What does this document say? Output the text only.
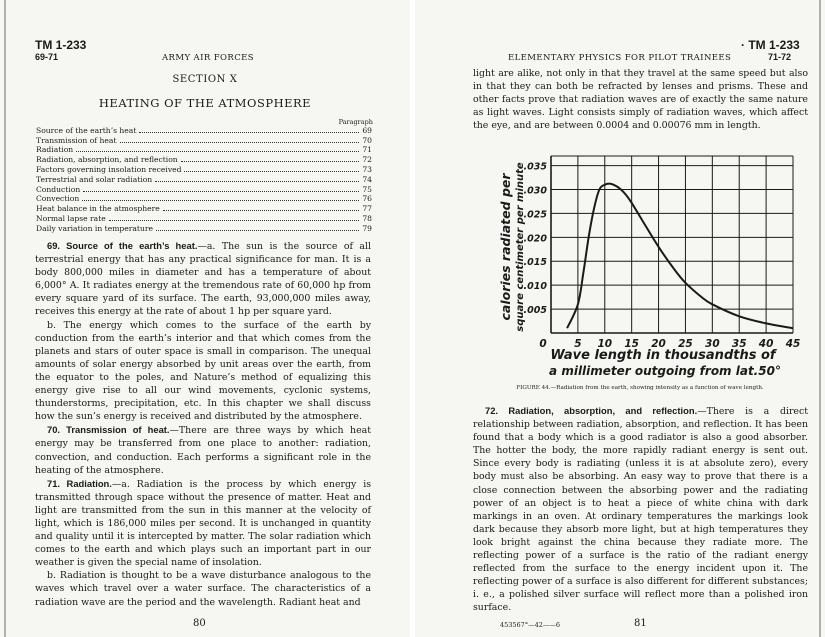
TM 1-233
69-71	ARMY AIR FORCES
SECTION X
HEATING OF THE ATMOSPHERE
Paragraph
Source of the earth’s heat	69
Transmission of heat	70
Radiation	71
Radiation, absorption, and reflection	72
Factors governing insolation received	73
Terrestrial and solar radiation	74
Conduction	75
Convection	76
Heat balance in the atmosphere	77
Normal lapse rate	78
Daily variation in temperature	79

69. Source of the earth’s heat.—a. The sun is the source of all terrestrial energy that has any practical significance for man. It is a body 800,000 miles in diameter and has a temperature of about 6,000° A. It radiates energy at the tremendous rate of 60,000 hp from every square yard of its surface. The earth, 93,000,000 miles away, receives this energy at the rate of about 1 hp per square yard.

b. The energy which comes to the surface of the earth by conduction from the earth’s interior and that which comes from the planets and stars of outer space is small in comparison. The unequal amounts of solar energy absorbed by unit areas over the earth, from the equator to the poles, and Nature’s method of equalizing this energy give rise to all our wind movements, cyclonic systems, thunderstorms, precipitation, etc. In this chapter we shall discuss how the sun’s energy is received and distributed by the atmosphere.

70. Transmission of heat.—There are three ways by which heat energy may be transferred from one place to another: radiation, convection, and conduction. Each performs a significant role in the heating of the atmosphere.

71. Radiation.—a. Radiation is the process by which energy is transmitted through space without the presence of matter. Heat and light are transmitted from the sun in this manner at the velocity of light, which is 186,000 miles per second. It is unchanged in quantity and quality until it is intercepted by matter. The solar radiation which comes to the earth and which plays such an important part in our weather is given the special name of insolation.

b. Radiation is thought to be a wave disturbance analogous to the waves which travel over a water surface. The characteristics of a radiation wave are the period and the wavelength. Radiant heat and

80
ELEMENTARY PHYSICS FOR PILOT TRAINEES
· TM 1-233
71-72

light are alike, not only in that they travel at the same speed but also in that they can both be refracted by lenses and prisms. These and other facts prove that radiation waves are of exactly the same nature as light waves. Light consists simply of radiation waves, which affect the eye, and are between 0.0004 and 0.00076 mm in length.

0	5 10 15 20 25 30 35 40 45
.005
.010
.015
.020
.025
.030
.035
calories radiated per square centimeter per minute
Wave length in thousandths of
a millimeter outgoing from lat.50°
FIGURE 44.—Radiation from the earth, showing intensity as a function of wave length.

72. Radiation, absorption, and reflection.—There is a direct relationship between radiation, absorption, and reflection. It has been found that a body which is a good radiator is also a good absorber. The hotter the body, the more rapidly radiant energy is sent out. Since every body is radiating (unless it is at absolute zero), every body must also be absorbing. An easy way to prove that there is a close connection between the absorbing power and the radiating power of an object is to heat a piece of white china with dark markings in an oven. At ordinary temperatures the markings look dark because they absorb more light, but at high temperatures they look bright against the china because they radiate more. The reflecting power of a surface is the ratio of the radiant energy reflected from the surface to the energy incident upon it. The reflecting power of a surface is also different for different substances; i. e., a polished silver surface will reflect more than a polished iron surface.

453567°—42——6	81
